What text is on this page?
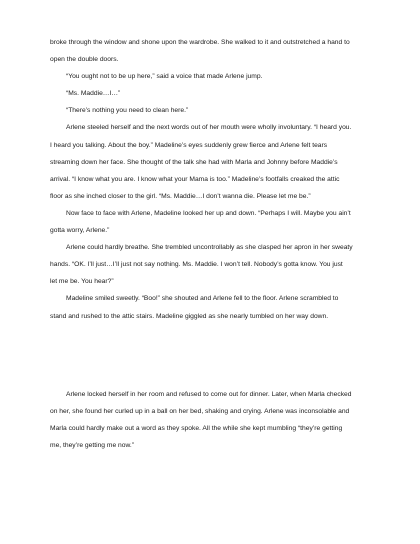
broke through the window and shone upon the wardrobe. She walked to it and outstretched a hand to
open the double doors.

“You ought not to be up here,” said a voice that made Arlene jump.

“Ms. Maddie…I…”

“There’s nothing you need to clean here.”

Arlene steeled herself and the next words out of her mouth were wholly involuntary. “I heard you.
I heard you talking. About the boy.” Madeline’s eyes suddenly grew fierce and Arlene felt tears
streaming down her face. She thought of the talk she had with Marla and Johnny before Maddie’s
arrival. “I know what you are. I know what your Mama is too.” Madeline’s footfalls creaked the attic
floor as she inched closer to the girl. “Ms. Maddie…I don’t wanna die. Please let me be.”

Now face to face with Arlene, Madeline looked her up and down. “Perhaps I will. Maybe you ain’t
gotta worry, Arlene.”

Arlene could hardly breathe. She trembled uncontrollably as she clasped her apron in her sweaty
hands. “OK. I’ll just…I’ll just not say nothing. Ms. Maddie. I won’t tell. Nobody’s gotta know. You just
let me be. You hear?”

Madeline smiled sweetly. “Boo!” she shouted and Arlene fell to the floor. Arlene scrambled to
stand and rushed to the attic stairs. Madeline giggled as she nearly tumbled on her way down.

Arlene locked herself in her room and refused to come out for dinner. Later, when Marla checked
on her, she found her curled up in a ball on her bed, shaking and crying. Arlene was inconsolable and
Marla could hardly make out a word as they spoke. All the while she kept mumbling “they’re getting
me, they’re getting me now.”
